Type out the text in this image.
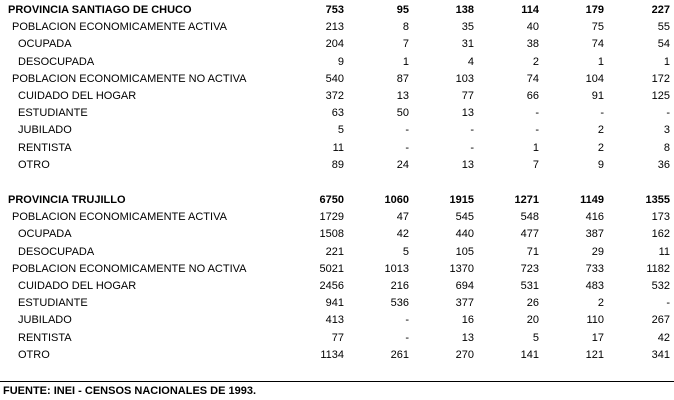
PROVINCIA SANTIAGO DE CHUCO	753	95	138	114	179	227
POBLACION ECONOMICAMENTE ACTIVA	213	8	35	40	75	55
OCUPADA	204	7	31	38	74	54
DESOCUPADA	9	1	4	2	1	1
POBLACION ECONOMICAMENTE NO ACTIVA	540	87	103	74	104	172
CUIDADO DEL HOGAR	372	13	77	66	91	125
ESTUDIANTE	63	50	13	-	-	-
JUBILADO	5	-	-	-	2	3
RENTISTA	11	-	-	1	2	8
OTRO	89	24	13	7	9	36
PROVINCIA TRUJILLO	6750	1060	1915	1271	1149	1355
POBLACION ECONOMICAMENTE ACTIVA	1729	47	545	548	416	173
OCUPADA	1508	42	440	477	387	162
DESOCUPADA	221	5	105	71	29	11
POBLACION ECONOMICAMENTE NO ACTIVA	5021	1013	1370	723	733	1182
CUIDADO DEL HOGAR	2456	216	694	531	483	532
ESTUDIANTE	941	536	377	26	2	-
JUBILADO	413	-	16	20	110	267
RENTISTA	77	-	13	5	17	42
OTRO	1134	261	270	141	121	341
FUENTE: INEI - CENSOS NACIONALES DE 1993.
